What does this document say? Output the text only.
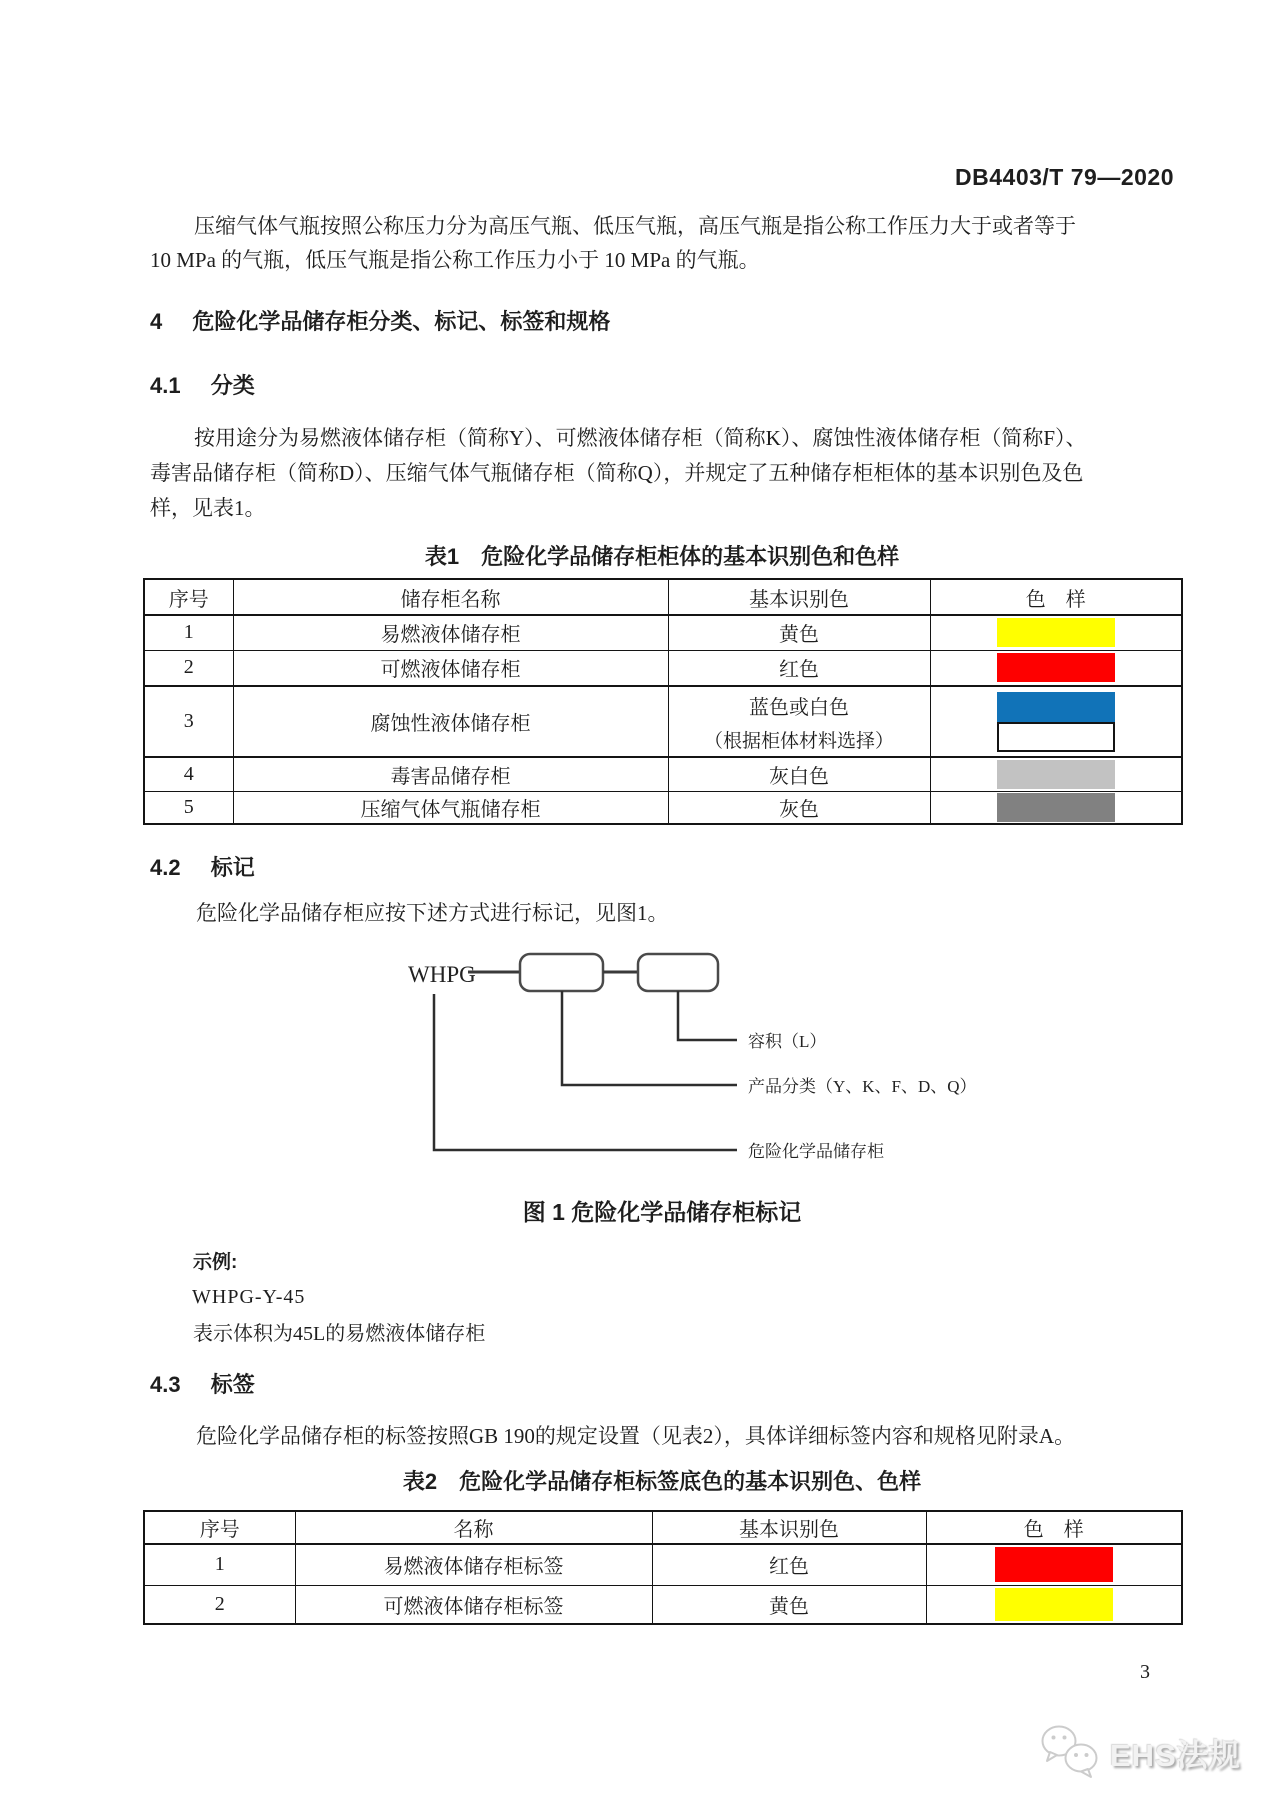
DB4403/T 79—2020
压缩气体气瓶按照公称压力分为高压气瓶、低压气瓶，高压气瓶是指公称工作压力大于或者等于
10 MPa 的气瓶，低压气瓶是指公称工作压力小于 10 MPa 的气瓶。
4 危险化学品储存柜分类、标记、标签和规格
4.1 分类
按用途分为易燃液体储存柜（简称Y）、可燃液体储存柜（简称K）、腐蚀性液体储存柜（简称F）、
毒害品储存柜（简称D）、压缩气体气瓶储存柜（简称Q），并规定了五种储存柜柜体的基本识别色及色
样，见表1。
表1　危险化学品储存柜柜体的基本识别色和色样
序号	储存柜名称	基本识别色	色　样
1	易燃液体储存柜	黄色	

2	可燃液体储存柜	红色	

3	腐蚀性液体储存柜	蓝色或白色
（根据柜体材料选择）	

4	毒害品储存柜	灰白色	

5	压缩气体气瓶储存柜	灰色	
4.2 标记
危险化学品储存柜应按下述方式进行标记，见图1。
WHPG
容积（L）
产品分类（Y、K、F、D、Q）
危险化学品储存柜
图 1 危险化学品储存柜标记
示例:
WHPG-Y-45
表示体积为45L的易燃液体储存柜
4.3 标签
危险化学品储存柜的标签按照GB 190的规定设置（见表2），具体详细标签内容和规格见附录A。
表2　危险化学品储存柜标签底色的基本识别色、色样
序号	名称	基本识别色	色　样
1	易燃液体储存柜标签	红色	

2	可燃液体储存柜标签	黄色	
3
EHS法规
